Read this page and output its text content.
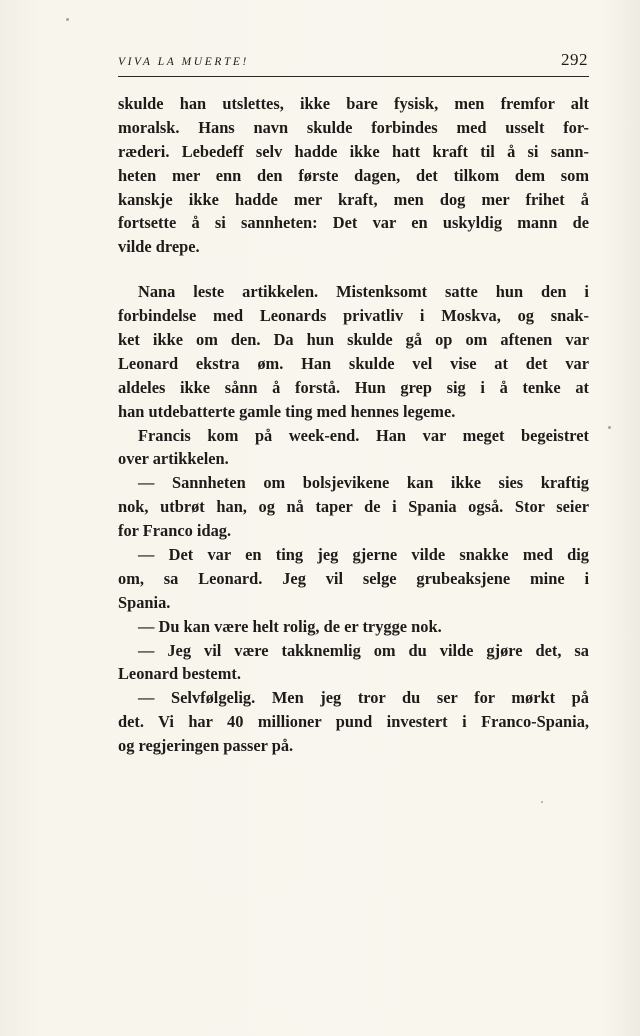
VIVA LA MUERTE!	292
skulde han utslettes, ikke bare fysisk, men fremfor alt
moralsk. Hans navn skulde forbindes med usselt for-
ræderi. Lebedeff selv hadde ikke hatt kraft til å si sann-
heten mer enn den første dagen, det tilkom dem som
kanskje ikke hadde mer kraft, men dog mer frihet å
fortsette å si sannheten: Det var en uskyldig mann de
vilde drepe.
Nana leste artikkelen. Mistenksomt satte hun den i
forbindelse med Leonards privatliv i Moskva, og snak-
ket ikke om den. Da hun skulde gå op om aftenen var
Leonard ekstra øm. Han skulde vel vise at det var
aldeles ikke sånn å forstå. Hun grep sig i å tenke at
han utdebatterte gamle ting med hennes legeme.
Francis kom på week-end. Han var meget begeistret
over artikkelen.
— Sannheten om bolsjevikene kan ikke sies kraftig
nok, utbrøt han, og nå taper de i Spania også. Stor seier
for Franco idag.
— Det var en ting jeg gjerne vilde snakke med dig
om, sa Leonard. Jeg vil selge grubeaksjene mine i
Spania.
— Du kan være helt rolig, de er trygge nok.
— Jeg vil være takknemlig om du vilde gjøre det, sa
Leonard bestemt.
— Selvfølgelig. Men jeg tror du ser for mørkt på
det. Vi har 40 millioner pund investert i Franco-Spania,
og regjeringen passer på.
